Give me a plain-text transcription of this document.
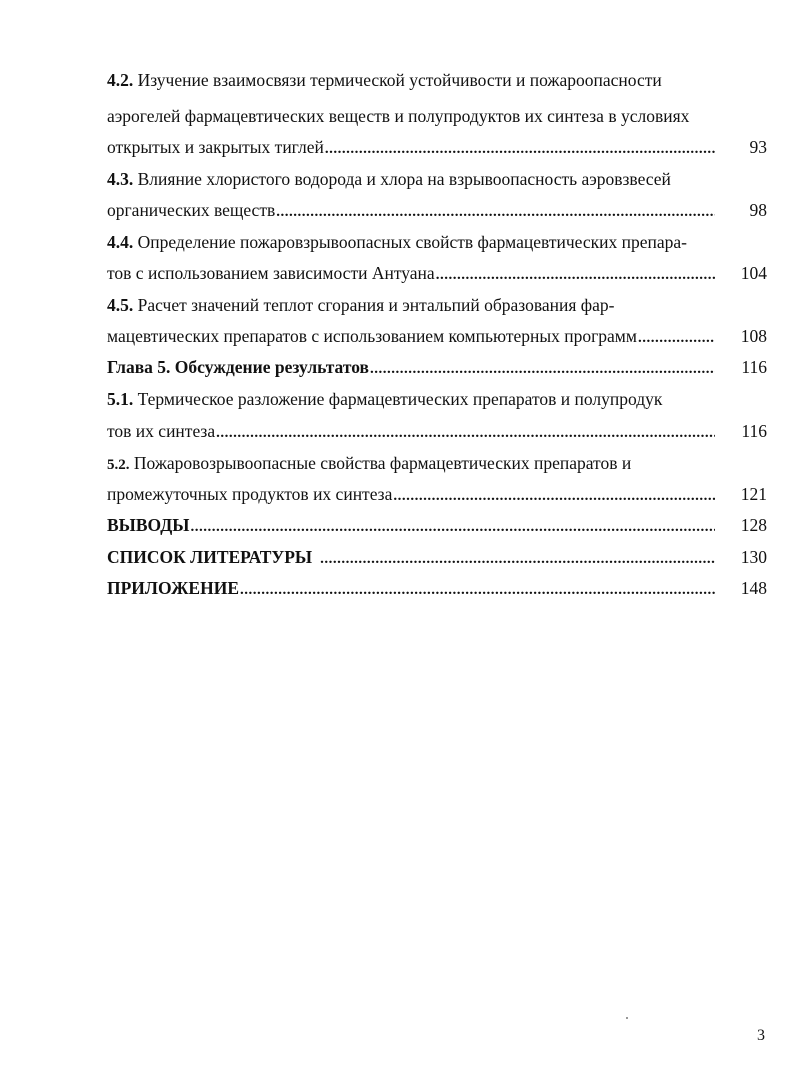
4.2. Изучение взаимосвязи термической устойчивости и пожароопасности
аэрогелей фармацевтических веществ и полупродуктов их синтеза в условиях
открытых и закрытых тиглей .....	93
4.3. Влияние хлористого водорода и хлора на взрывоопасность аэровзвесей
органических веществ .....	98
4.4. Определение пожаровзрывоопасных свойств фармацевтических препара-
тов с использованием зависимости Антуана .....	104
4.5. Расчет значений теплот сгорания и энтальпий образования фар-
мацевтических препаратов с использованием компьютерных программ .....	108
Глава 5. Обсуждение результатов .....	116
5.1. Термическое разложение фармацевтических препаратов и полупродук
тов их синтеза .....	116
5.2. Пожаровозрывоопасные свойства фармацевтических препаратов и
промежуточных продуктов их синтеза .....	121
ВЫВОДЫ .....	128
СПИСОК ЛИТЕРАТУРЫ .....	130
ПРИЛОЖЕНИЕ .....	148
3
